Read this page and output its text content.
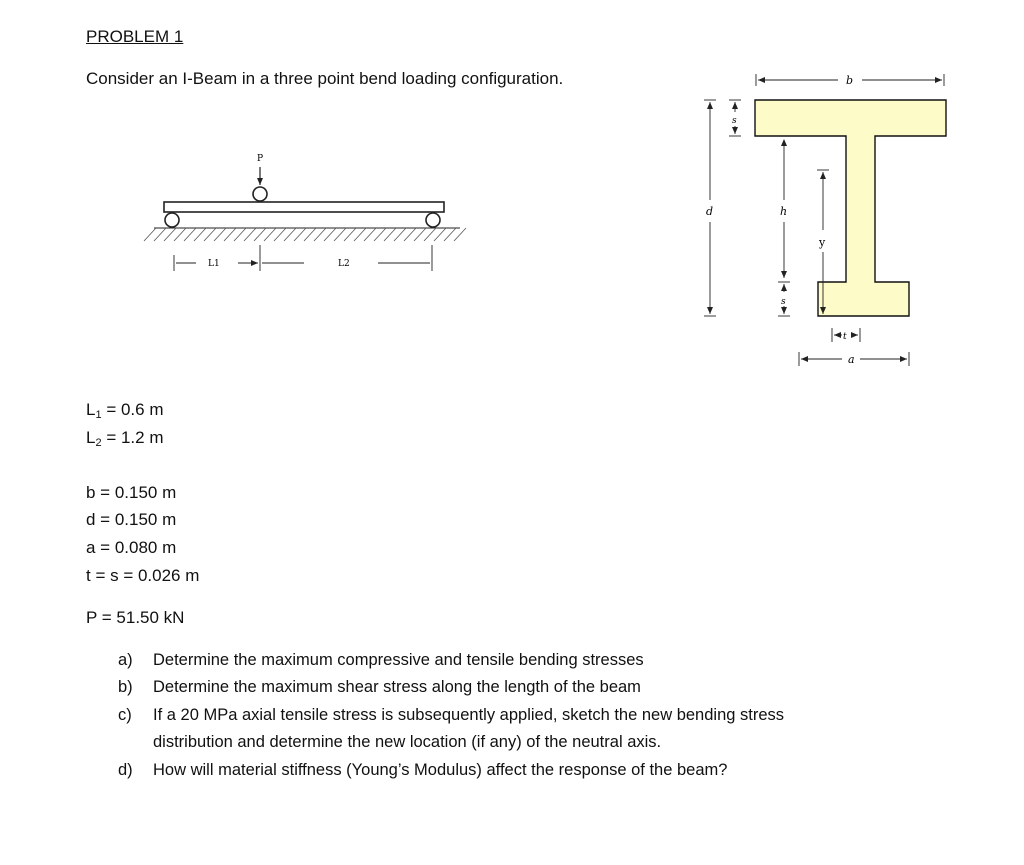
PROBLEM 1
Consider an I-Beam in a three point bend loading configuration.
P
L1	L2
b
d
s
h
s
y
t
a
$L_1 = 0.6$ m
$L_2 = 1.2$ m
b = 0.150 m
d = 0.150 m
a = 0.080 m
t = s = 0.026 m
P = 51.50 kN
a) Determine the maximum compressive and tensile bending stresses
b) Determine the maximum shear stress along the length of the beam
c) If a 20 MPa axial tensile stress is subsequently applied, sketch the new bending stress
distribution and determine the new location (if any) of the neutral axis.
d) How will material stiffness (Young’s Modulus) affect the response of the beam?
